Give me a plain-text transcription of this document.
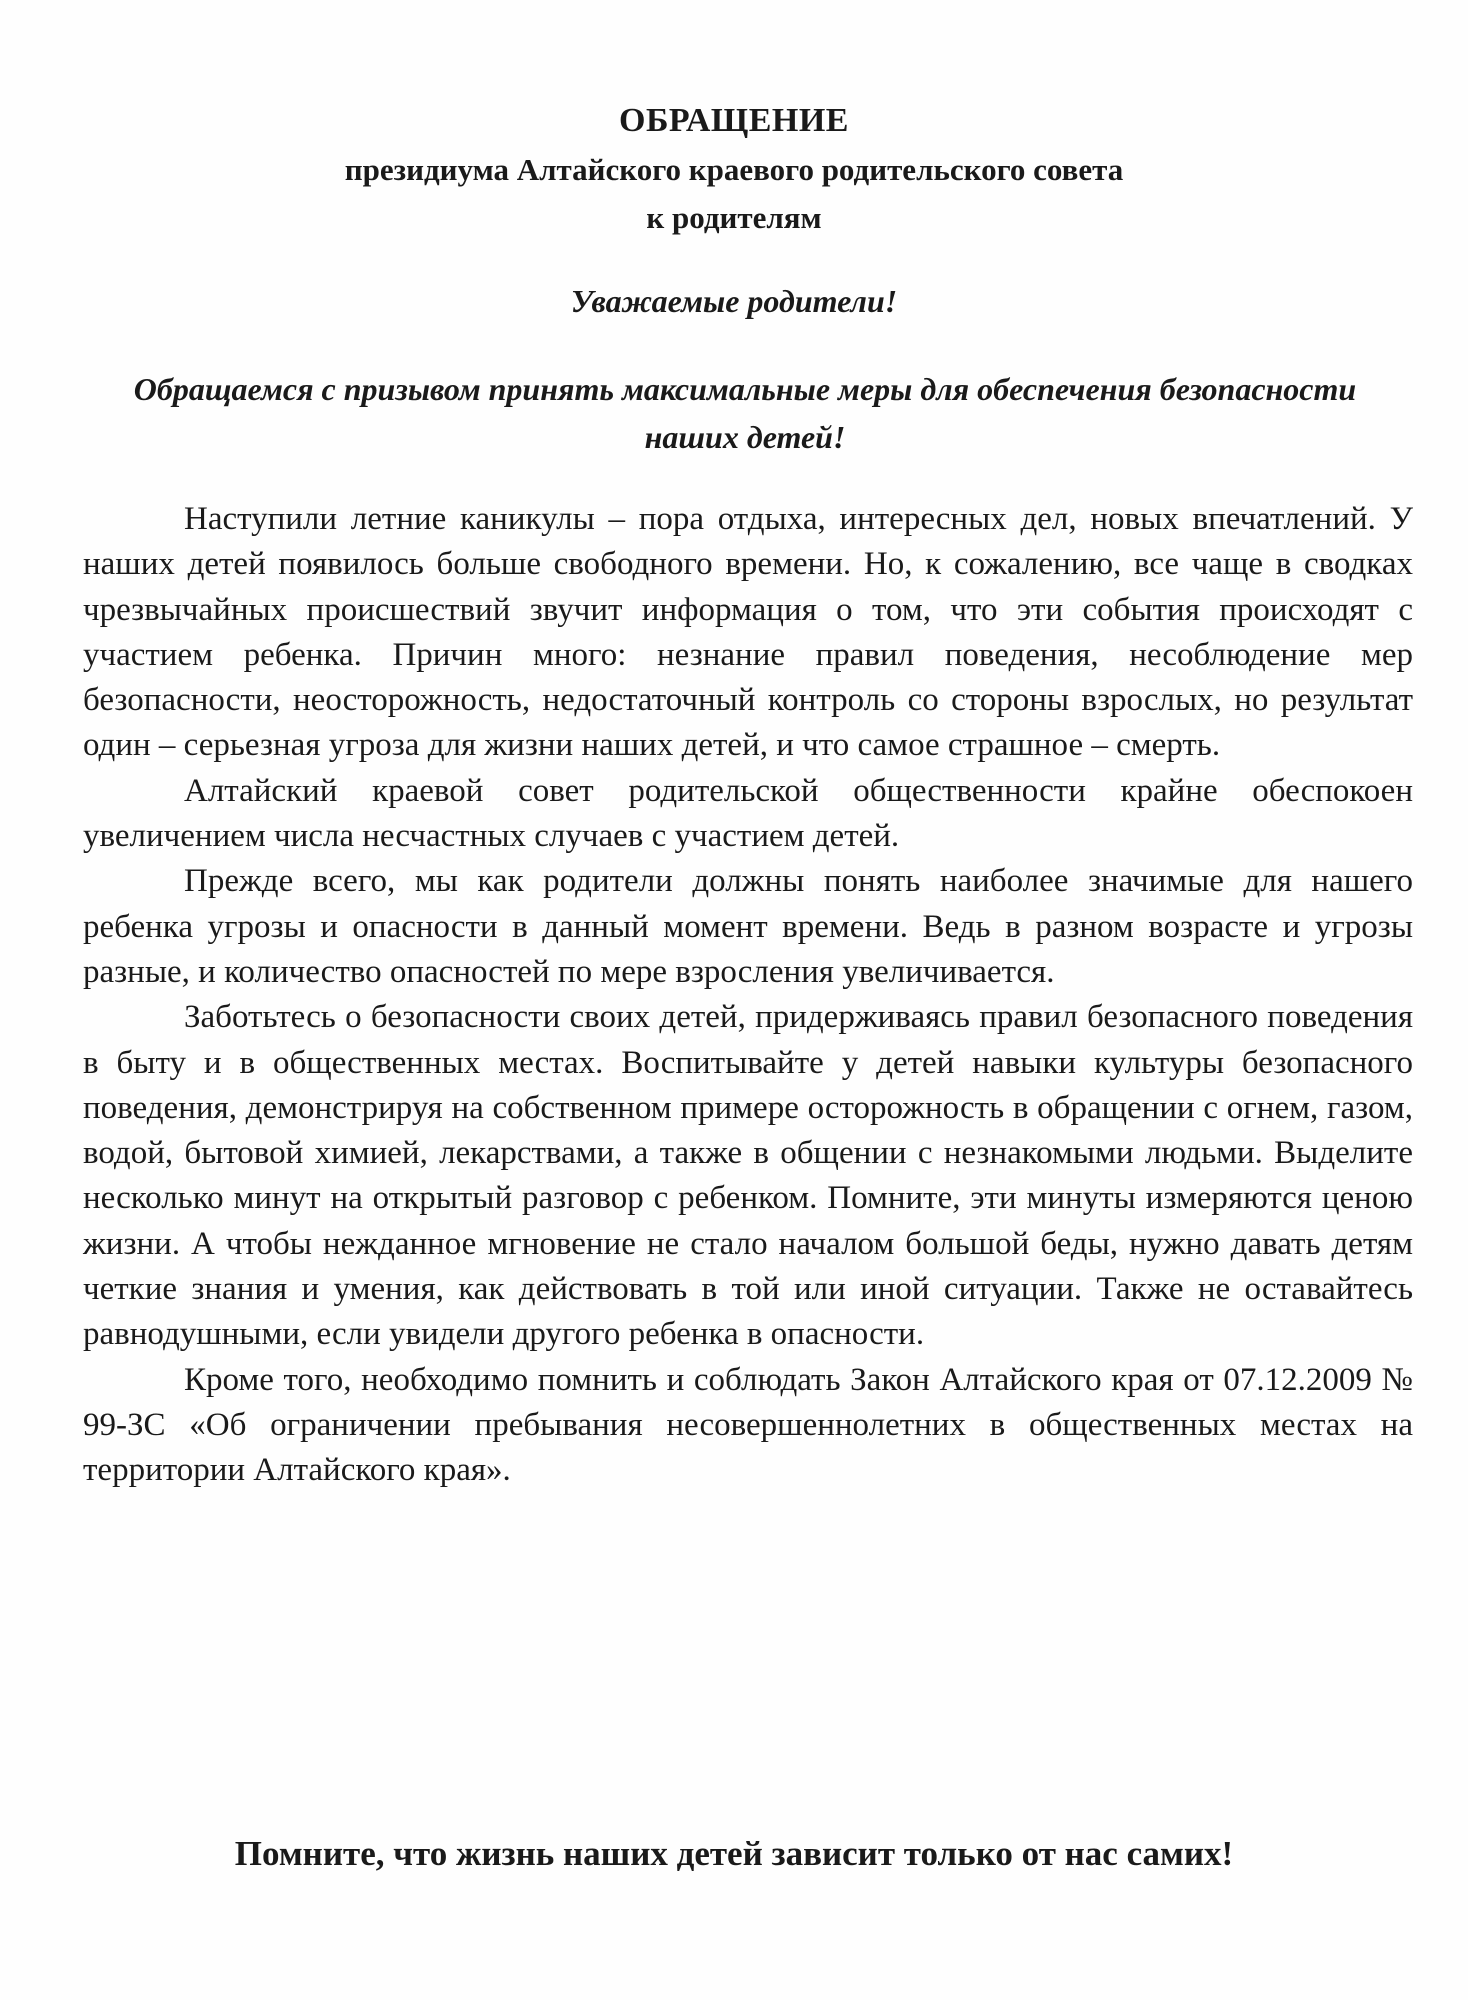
ОБРАЩЕНИЕ
президиума Алтайского краевого родительского совета
к родителям
Уважаемые родители!
Обращаемся с призывом принять максимальные меры для обеспечения безопасности наших детей!

Наступили летние каникулы – пора отдыха, интересных дел, новых впечатлений. У наших детей появилось больше свободного времени. Но, к сожалению, все чаще в сводках чрезвычайных происшествий звучит информация о том, что эти события происходят с участием ребенка. Причин много: незнание правил поведения, несоблюдение мер безопасности, неосторожность, недостаточный контроль со стороны взрослых, но результат один – серьезная угроза для жизни наших детей, и что самое страшное – смерть.

Алтайский краевой совет родительской общественности крайне обеспокоен увеличением числа несчастных случаев с участием детей.

Прежде всего, мы как родители должны понять наиболее значимые для нашего ребенка угрозы и опасности в данный момент времени. Ведь в разном возрасте и угрозы разные, и количество опасностей по мере взросления увеличивается.

Заботьтесь о безопасности своих детей, придерживаясь правил безопасного поведения в быту и в общественных местах. Воспитывайте у детей навыки культуры безопасного поведения, демонстрируя на собственном примере осторожность в обращении с огнем, газом, водой, бытовой химией, лекарствами, а также в общении с незнакомыми людьми. Выделите несколько минут на открытый разговор с ребенком. Помните, эти минуты измеряются ценою жизни. А чтобы нежданное мгновение не стало началом большой беды, нужно давать детям четкие знания и умения, как действовать в той или иной ситуации. Также не оставайтесь равнодушными, если увидели другого ребенка в опасности.

Кроме того, необходимо помнить и соблюдать Закон Алтайского края от 07.12.2009 № 99-ЗС «Об ограничении пребывания несовершеннолетних в общественных местах на территории Алтайского края».

Помните, что жизнь наших детей зависит только от нас самих!
